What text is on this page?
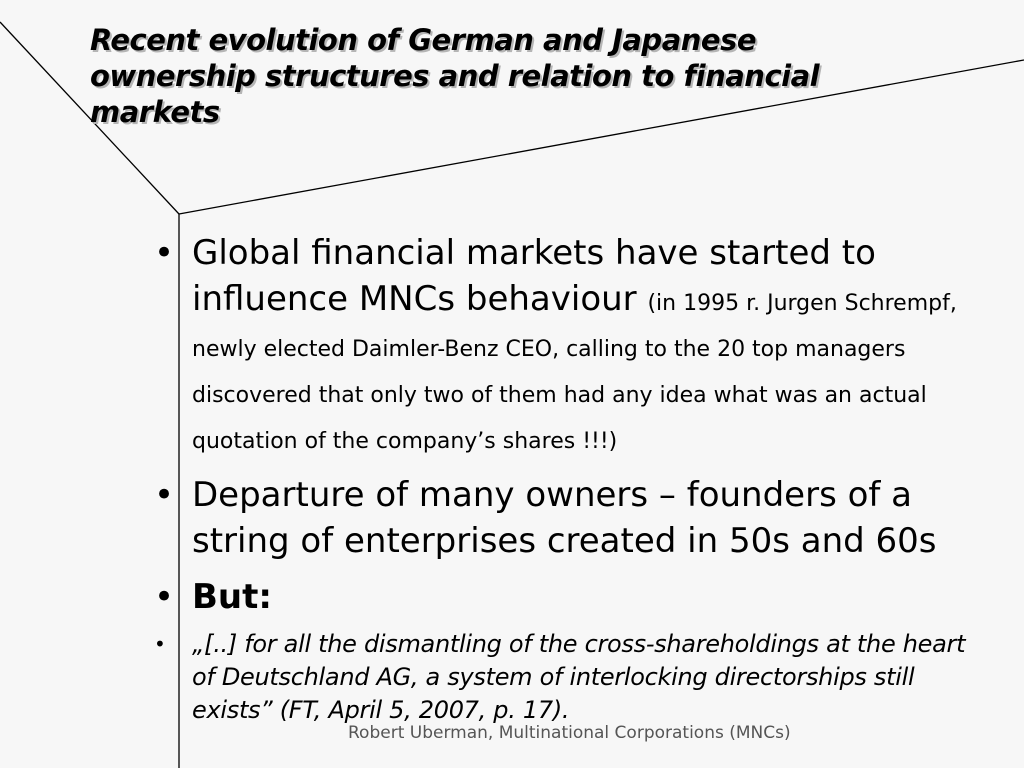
Recent evolution of German and Japanese ownership structures and relation to financial markets
• Global financial markets have started to influence MNCs behaviour (in 1995 r. Jurgen Schrempf, newly elected Daimler-Benz CEO, calling to the 20 top managers discovered that only two of them had any idea what was an actual quotation of the company’s shares !!!)
• Departure of many owners – founders of a string of enterprises created in 50s and 60s
• But:
• „[..] for all the dismantling of the cross-shareholdings at the heart of Deutschland AG, a system of interlocking directorships still exists” (FT, April 5, 2007, p. 17).
Robert Uberman, Multinational Corporations (MNCs)
